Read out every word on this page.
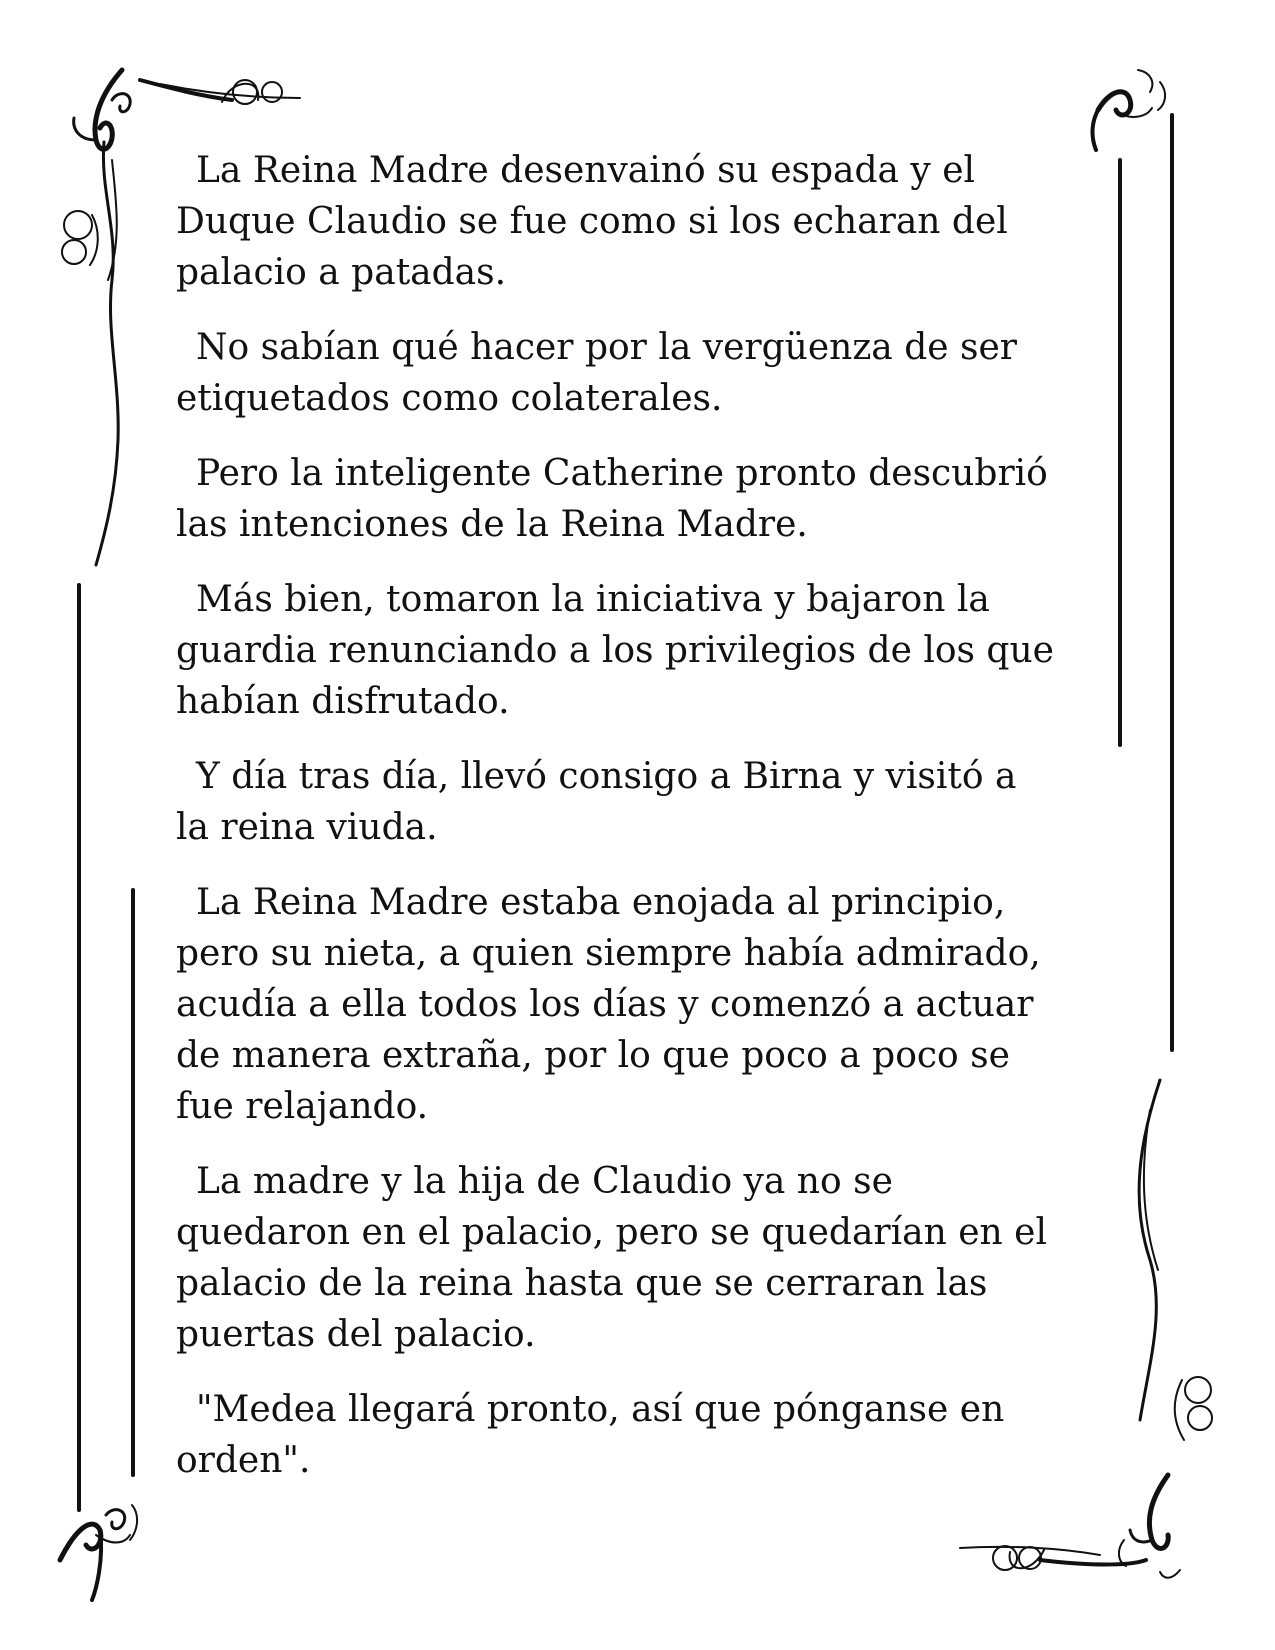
La Reina Madre desenvainó su espada y el
Duque Claudio se fue como si los echaran del
palacio a patadas.

No sabían qué hacer por la vergüenza de ser
etiquetados como colaterales.

Pero la inteligente Catherine pronto descubrió
las intenciones de la Reina Madre.

Más bien, tomaron la iniciativa y bajaron la
guardia renunciando a los privilegios de los que
habían disfrutado.

Y día tras día, llevó consigo a Birna y visitó a
la reina viuda.

La Reina Madre estaba enojada al principio,
pero su nieta, a quien siempre había admirado,
acudía a ella todos los días y comenzó a actuar
de manera extraña, por lo que poco a poco se
fue relajando.

La madre y la hija de Claudio ya no se
quedaron en el palacio, pero se quedarían en el
palacio de la reina hasta que se cerraran las
puertas del palacio.

"Medea llegará pronto, así que pónganse en
orden".
